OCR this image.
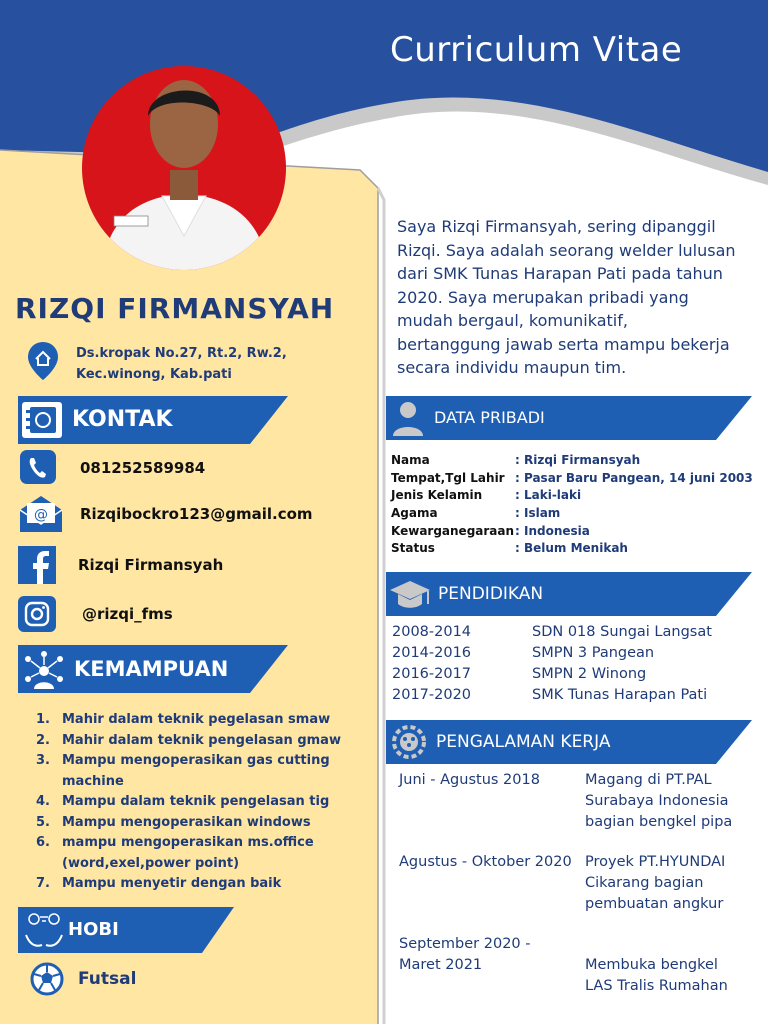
Curriculum Vitae
RIZQI FIRMANSYAH
Ds.kropak No.27, Rt.2, Rw.2,
Kec.winong, Kab.pati
KONTAK
081252589984
@ Rizqibockro123@gmail.com
Rizqi Firmansyah
@rizqi_fms
KEMAMPUAN
1. Mahir dalam teknik pegelasan smaw
2. Mahir dalam teknik pengelasan gmaw
3. Mampu mengoperasikan gas cutting
machine
4. Mampu dalam teknik pengelasan tig
5. Mampu mengoperasikan windows
6. mampu mengoperasikan ms.office
(word,exel,power point)
7. Mampu menyetir dengan baik
HOBI
Futsal
Saya Rizqi Firmansyah, sering dipanggil
Rizqi. Saya adalah seorang welder lulusan
dari SMK Tunas Harapan Pati pada tahun
2020. Saya merupakan pribadi yang
mudah bergaul, komunikatif,
bertanggung jawab serta mampu bekerja
secara individu maupun tim.
DATA PRIBADI
Nama	: Rizqi Firmansyah
Tempat,Tgl Lahir : Pasar Baru Pangean, 14 juni 2003
Jenis Kelamin	: Laki-laki
Agama	: Islam
Kewarganegaraan : Indonesia
Status	: Belum Menikah
PENDIDIKAN
2008-2014	SDN 018 Sungai Langsat
2014-2016	SMPN 3 Pangean
2016-2017	SMPN 2 Winong
2017-2020	SMK Tunas Harapan Pati
PENGALAMAN KERJA
Juni - Agustus 2018	Magang di PT.PAL
Surabaya Indonesia
bagian bengkel pipa
Agustus - Oktober 2020 Proyek PT.HYUNDAI
Cikarang bagian
pembuatan angkur
September 2020 -
Maret 2021	Membuka bengkel
LAS Tralis Rumahan
